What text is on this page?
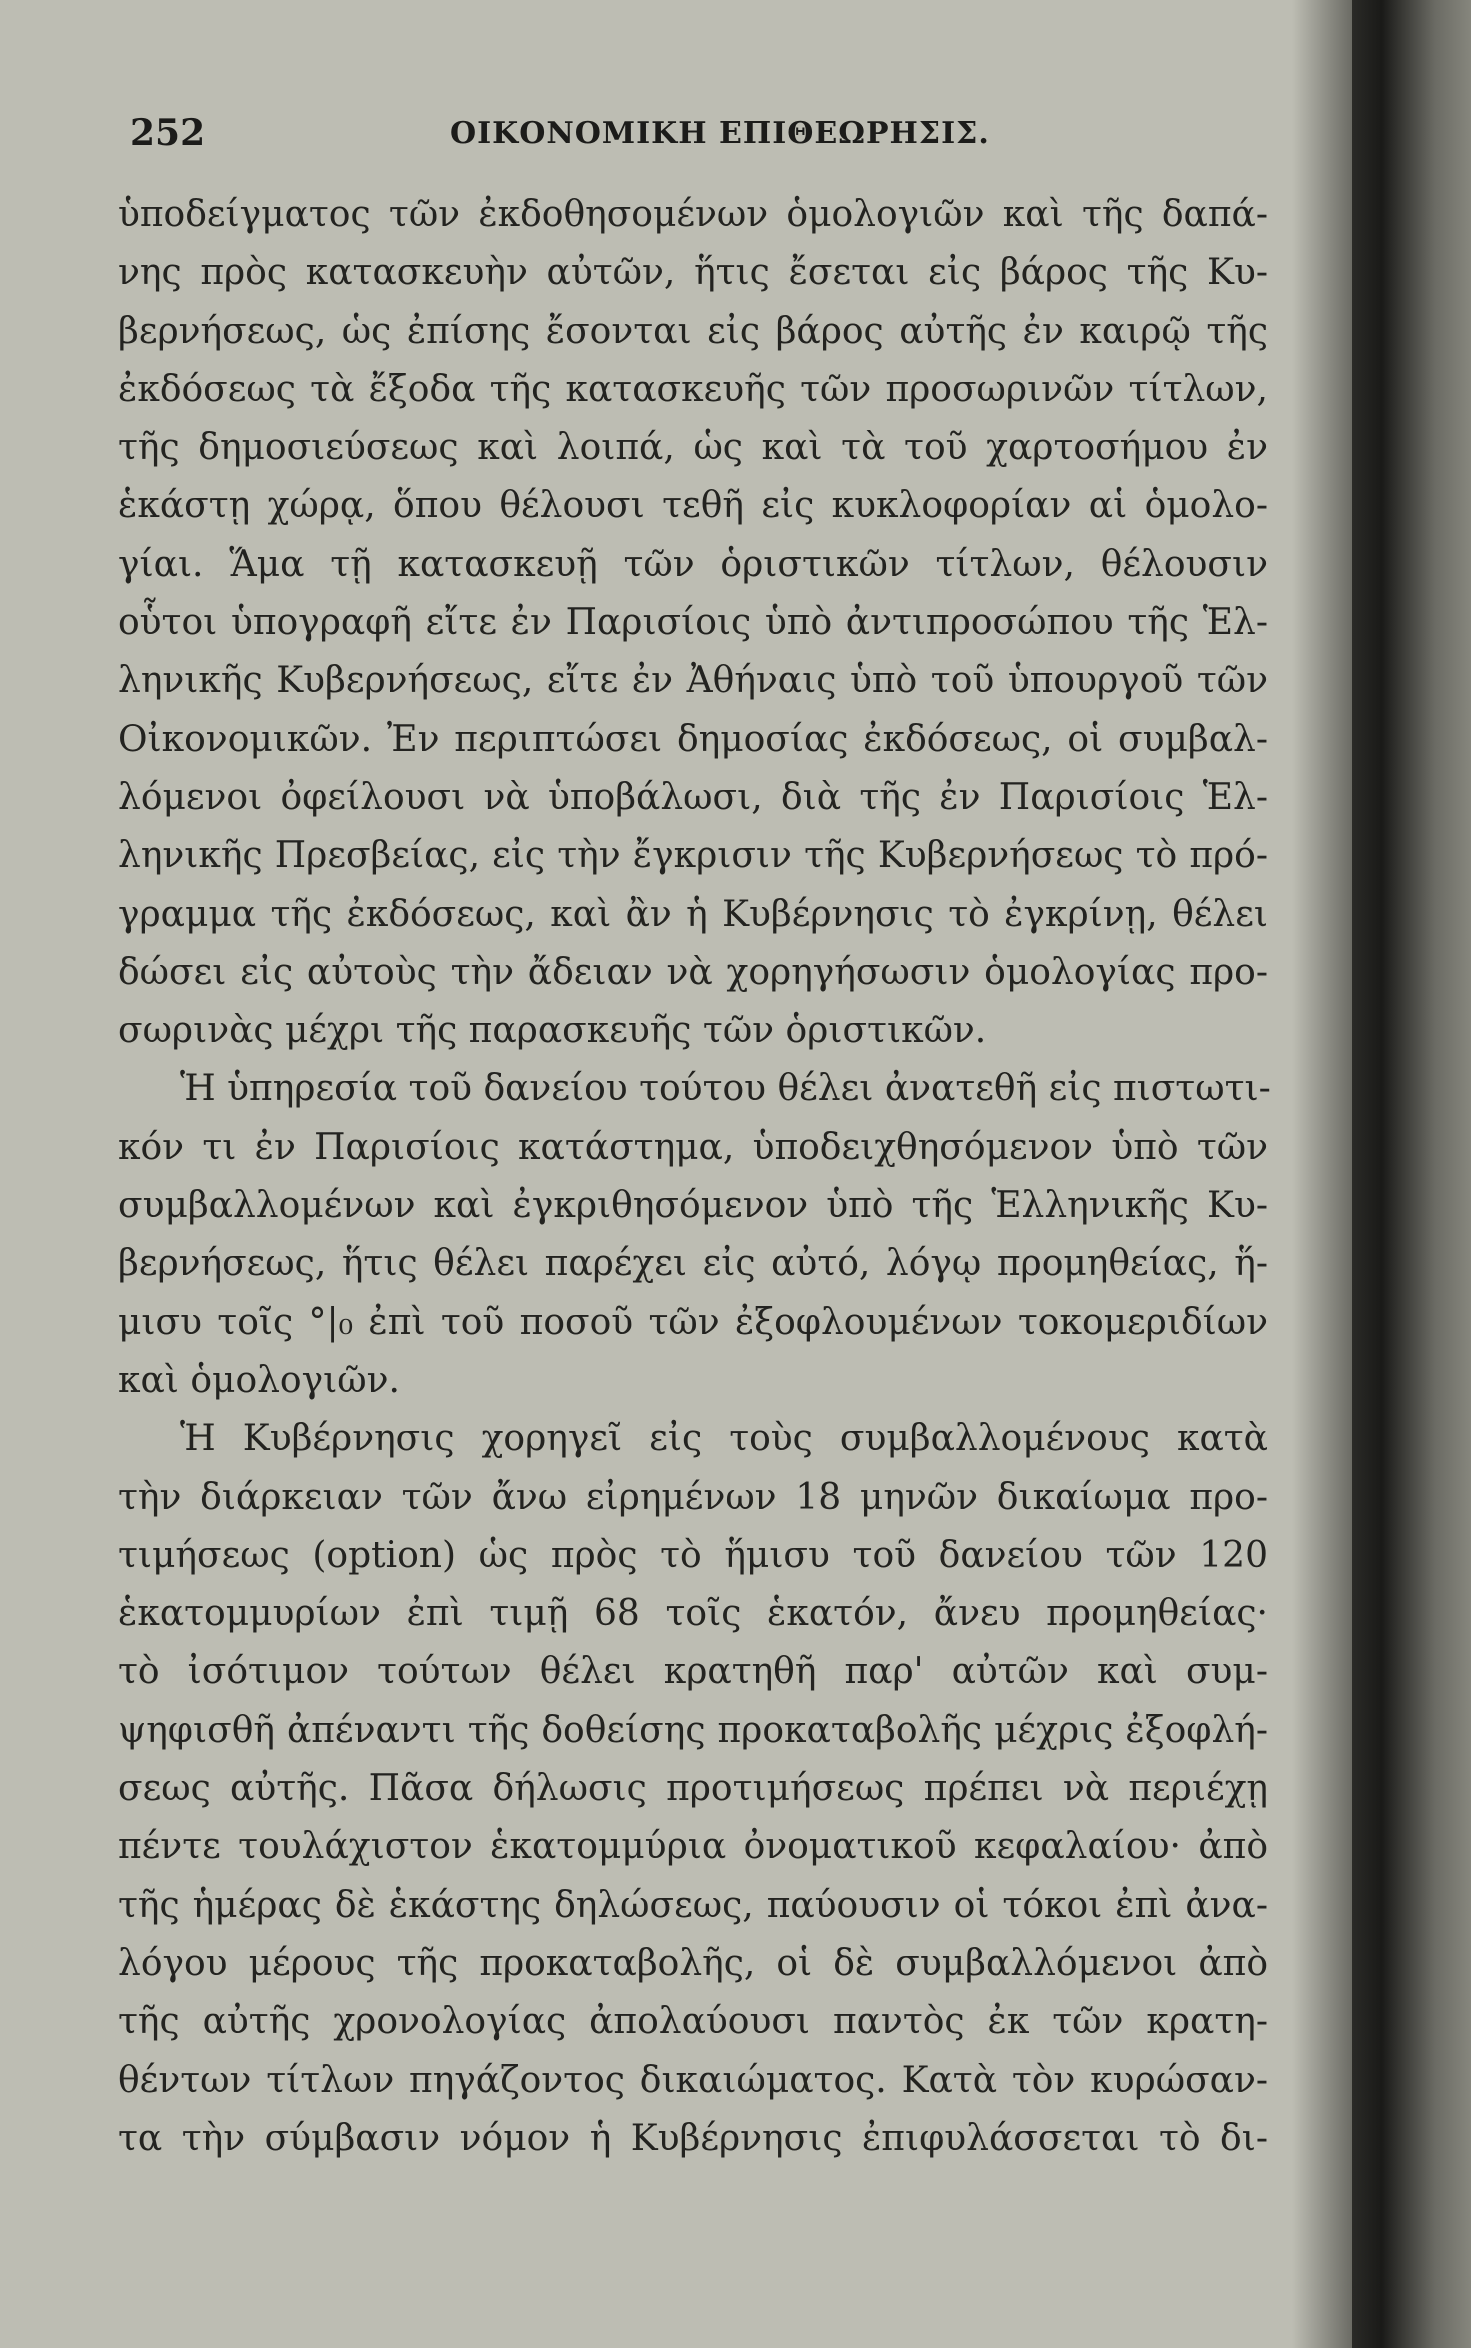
252	ΟΙΚΟΝΟΜΙΚΗ ΕΠΙΘΕΩΡΗΣΙΣ.
ὑποδείγματος τῶν ἐκδοθησομένων ὁμολογιῶν καὶ τῆς δαπά-
νης πρὸς κατασκευὴν αὐτῶν, ἥτις ἔσεται εἰς βάρος τῆς Κυ-
βερνήσεως, ὡς ἐπίσης ἔσονται εἰς βάρος αὐτῆς ἐν καιρῷ τῆς
ἐκδόσεως τὰ ἔξοδα τῆς κατασκευῆς τῶν προσωρινῶν τίτλων,
τῆς δημοσιεύσεως καὶ λοιπά, ὡς καὶ τὰ τοῦ χαρτοσήμου ἐν
ἑκάστῃ χώρᾳ, ὅπου θέλουσι τεθῆ εἰς κυκλοφορίαν αἱ ὁμολο-
γίαι. Ἅμα τῇ κατασκευῇ τῶν ὁριστικῶν τίτλων, θέλουσιν
οὗτοι ὑπογραφῆ εἴτε ἐν Παρισίοις ὑπὸ ἀντιπροσώπου τῆς Ἑλ-
ληνικῆς Κυβερνήσεως, εἴτε ἐν Ἀθήναις ὑπὸ τοῦ ὑπουργοῦ τῶν
Οἰκονομικῶν. Ἐν περιπτώσει δημοσίας ἐκδόσεως, οἱ συμβαλ-
λόμενοι ὀφείλουσι νὰ ὑποβάλωσι, διὰ τῆς ἐν Παρισίοις Ἑλ-
ληνικῆς Πρεσβείας, εἰς τὴν ἔγκρισιν τῆς Κυβερνήσεως τὸ πρό-
γραμμα τῆς ἐκδόσεως, καὶ ἂν ἡ Κυβέρνησις τὸ ἐγκρίνῃ, θέλει
δώσει εἰς αὐτοὺς τὴν ἄδειαν νὰ χορηγήσωσιν ὁμολογίας προ-
σωρινὰς μέχρι τῆς παρασκευῆς τῶν ὁριστικῶν.
Ἡ ὑπηρεσία τοῦ δανείου τούτου θέλει ἀνατεθῆ εἰς πιστωτι-
κόν τι ἐν Παρισίοις κατάστημα, ὑποδειχθησόμενον ὑπὸ τῶν
συμβαλλομένων καὶ ἐγκριθησόμενον ὑπὸ τῆς Ἑλληνικῆς Κυ-
βερνήσεως, ἥτις θέλει παρέχει εἰς αὐτό, λόγῳ προμηθείας, ἥ-
μισυ τοῖς °|₀ ἐπὶ τοῦ ποσοῦ τῶν ἐξοφλουμένων τοκομεριδίων
καὶ ὁμολογιῶν.
Ἡ Κυβέρνησις χορηγεῖ εἰς τοὺς συμβαλλομένους κατὰ
τὴν διάρκειαν τῶν ἄνω εἰρημένων 18 μηνῶν δικαίωμα προ-
τιμήσεως (option) ὡς πρὸς τὸ ἥμισυ τοῦ δανείου τῶν 120
ἑκατομμυρίων ἐπὶ τιμῇ 68 τοῖς ἑκατόν, ἄνευ προμηθείας·
τὸ ἰσότιμον τούτων θέλει κρατηθῆ παρ' αὐτῶν καὶ συμ-
ψηφισθῆ ἀπέναντι τῆς δοθείσης προκαταβολῆς μέχρις ἐξοφλή-
σεως αὐτῆς. Πᾶσα δήλωσις προτιμήσεως πρέπει νὰ περιέχῃ
πέντε τουλάχιστον ἑκατομμύρια ὀνοματικοῦ κεφαλαίου· ἀπὸ
τῆς ἡμέρας δὲ ἑκάστης δηλώσεως, παύουσιν οἱ τόκοι ἐπὶ ἀνα-
λόγου μέρους τῆς προκαταβολῆς, οἱ δὲ συμβαλλόμενοι ἀπὸ
τῆς αὐτῆς χρονολογίας ἀπολαύουσι παντὸς ἐκ τῶν κρατη-
θέντων τίτλων πηγάζοντος δικαιώματος. Κατὰ τὸν κυρώσαν-
τα τὴν σύμβασιν νόμον ἡ Κυβέρνησις ἐπιφυλάσσεται τὸ δι-
